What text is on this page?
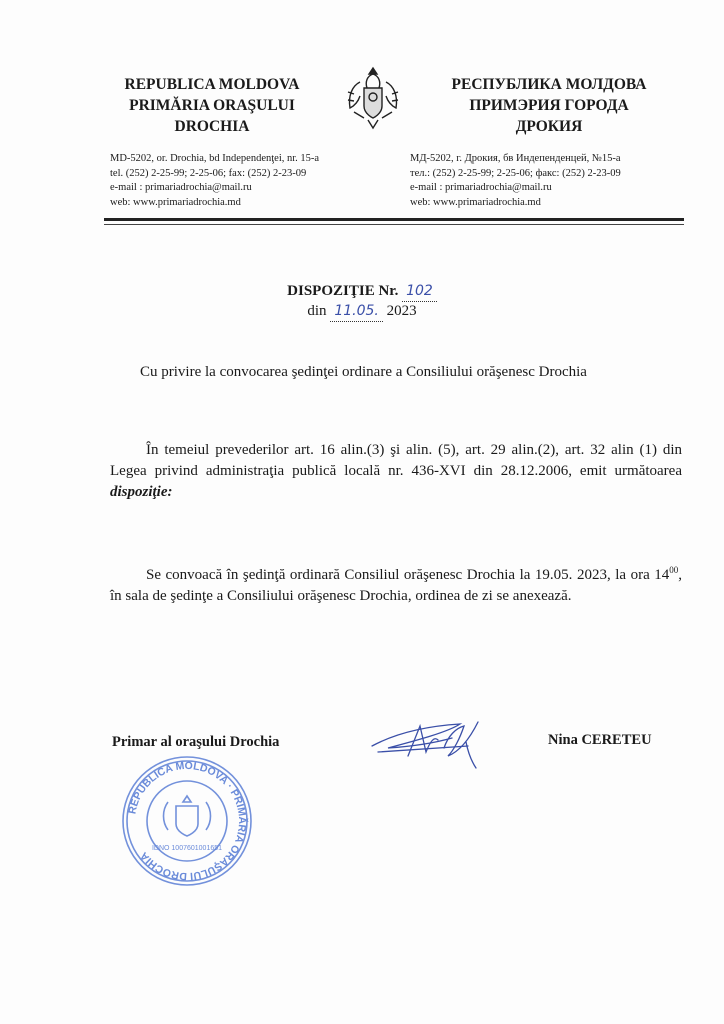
REPUBLICA MOLDOVA
PRIMĂRIA ORAŞULUI
DROCHIA
РЕСПУБЛИКА МОЛДОВА
ПРИМЭРИЯ ГОРОДА
ДРОКИЯ
MD-5202, or. Drochia, bd Independenţei, nr. 15-a
tel. (252) 2-25-99; 2-25-06; fax: (252) 2-23-09
e-mail : primariadrochia@mail.ru
web: www.primariadrochia.md
МД-5202, г. Дрокия, бв Индепенденцей, №15-а
тел.: (252) 2-25-99; 2-25-06; факс: (252) 2-23-09
e-mail : primariadrochia@mail.ru
web: www.primariadrochia.md
DISPOZIŢIE Nr. 102
din 11.05. 2023
Cu privire la convocarea şedinţei ordinare a Consiliului orăşenesc Drochia
În temeiul prevederilor art. 16 alin.(3) şi alin. (5), art. 29 alin.(2), art. 32 alin (1) din Legea privind administraţia publică locală nr. 436-XVI din 28.12.2006, emit următoarea dispoziţie:
Se convoacă în şedinţă ordinară Consiliul orăşenesc Drochia la 19.05. 2023, la ora $14^{00}$, în sala de şedinţe a Consiliului orăşenesc Drochia, ordinea de zi se anexează.
Primar al oraşului Drochia	Nina CERETEU
REPUBLICA MOLDOVA · PRIMĂRIA ORAŞULUI DROCHIA
IDNO 1007601001651
